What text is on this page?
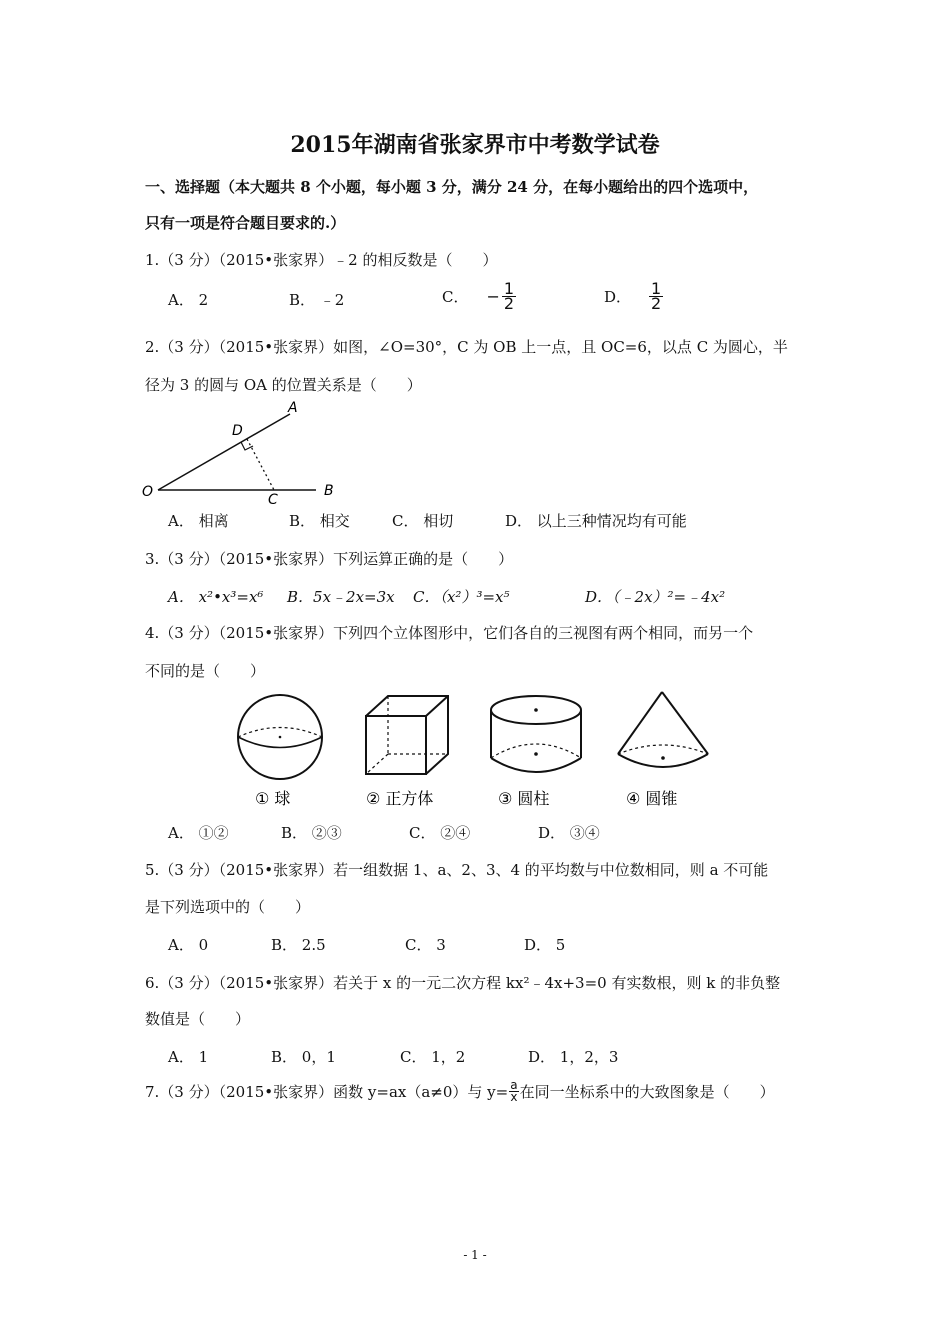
2015年湖南省张家界市中考数学试卷
一、选择题（本大题共 8 个小题，每小题 3 分，满分 24 分，在每小题给出的四个选项中，
只有一项是符合题目要求的.）
1.（3 分）（2015•张家界）﹣2 的相反数是（　　）
A． 2	B． ﹣2	C． − $\frac{1}{2}$	D． $\frac{1}{2}$
2.（3 分）（2015•张家界）如图，∠O=30°，C 为 OB 上一点，且 OC=6，以点 C 为圆心，半
径为 3 的圆与 OA 的位置关系是（　　）
O
A
B
C
D
A． 相离	B． 相交	C． 相切	D． 以上三种情况均有可能
3.（3 分）（2015•张家界）下列运算正确的是（　　）
A． x²•x³=x⁶ B．5x﹣2x=3x C．（x²）³=x⁵	D．（﹣2x）²=﹣4x²
4.（3 分）（2015•张家界）下列四个立体图形中，它们各自的三视图有两个相同，而另一个
不同的是（　　）
① 球	② 正方体	③ 圆柱	④ 圆锥
A． ①②	B． ②③	C． ②④	D． ③④
5.（3 分）（2015•张家界）若一组数据 1、a、2、3、4 的平均数与中位数相同，则 a 不可能
是下列选项中的（　　）
A． 0	B． 2.5	C． 3	D． 5
6.（3 分）（2015•张家界）若关于 x 的一元二次方程 kx²﹣4x+3=0 有实数根，则 k 的非负整
数值是（　　）
A． 1	B． 0，1	C． 1，2	D． 1，2，3
7.（3 分）（2015•张家界）函数 y=ax（a≠0）与 $y= \frac{a}{x}$ 在同一坐标系中的大致图象是（　　）
- 1 -
